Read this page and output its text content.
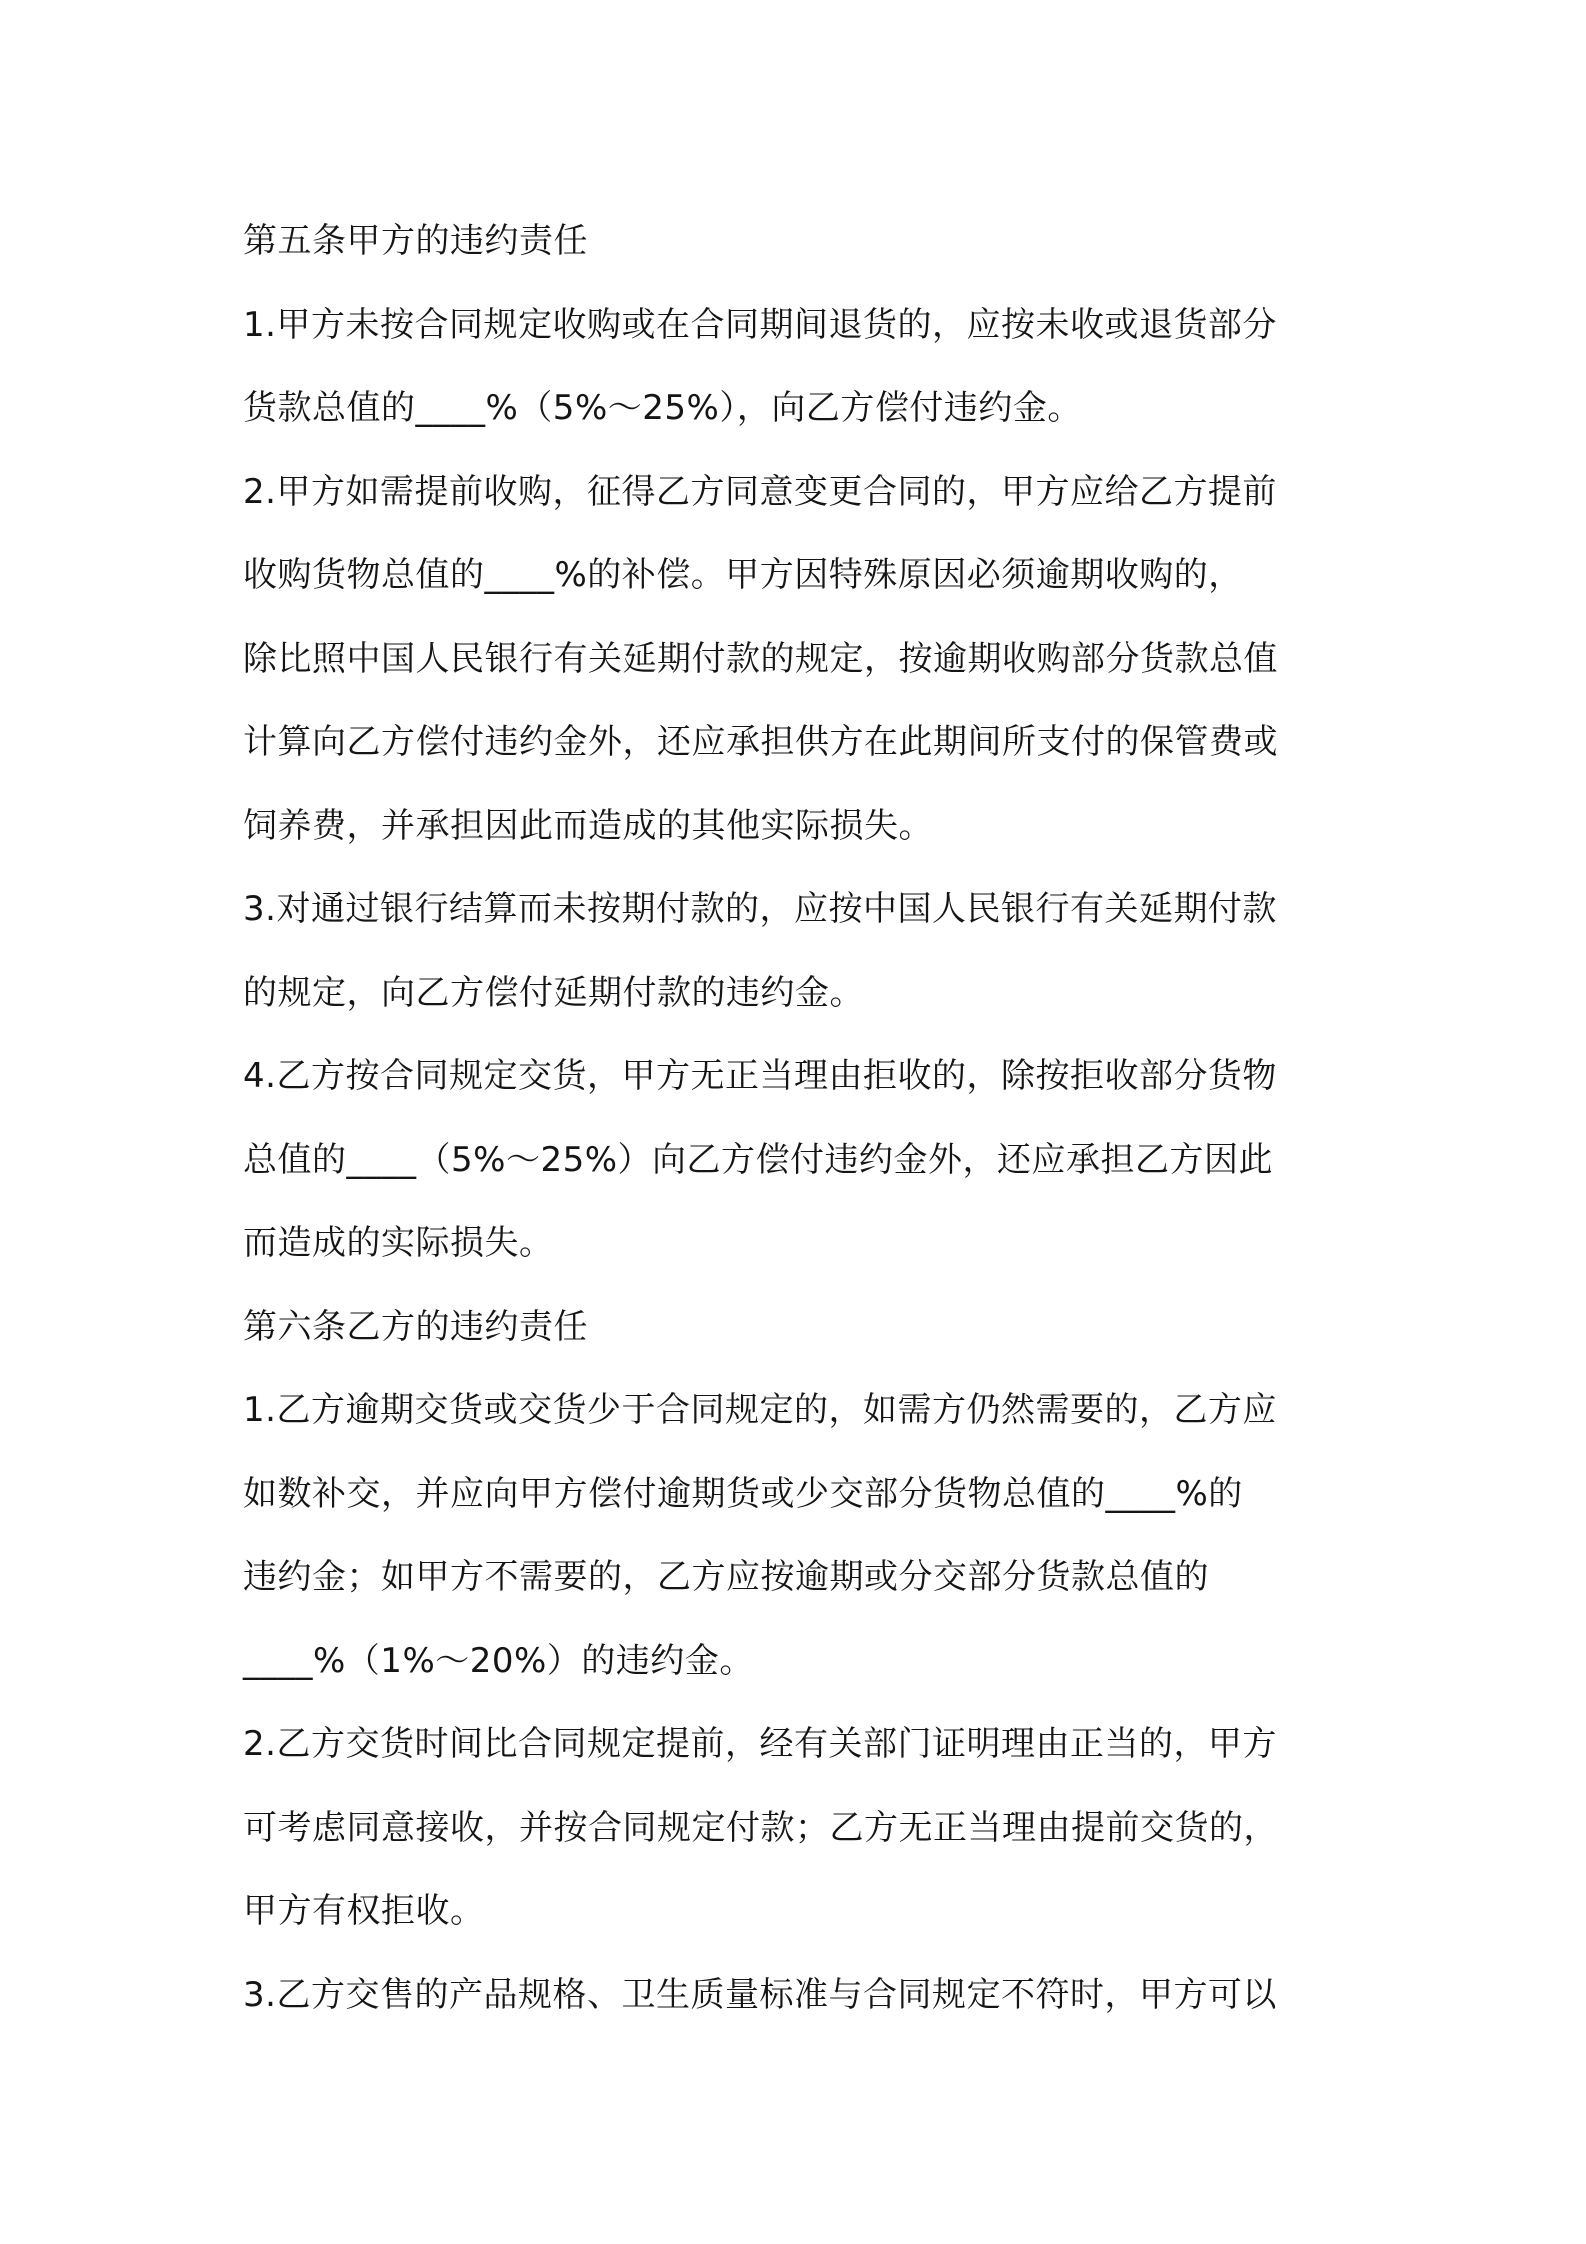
第五条甲方的违约责任

1.甲方未按合同规定收购或在合同期间退货的，应按未收或退货部分

货款总值的____%（5%～25%），向乙方偿付违约金。

2.甲方如需提前收购，征得乙方同意变更合同的，甲方应给乙方提前

收购货物总值的____%的补偿。甲方因特殊原因必须逾期收购的，

除比照中国人民银行有关延期付款的规定，按逾期收购部分货款总值

计算向乙方偿付违约金外，还应承担供方在此期间所支付的保管费或

饲养费，并承担因此而造成的其他实际损失。

3.对通过银行结算而未按期付款的，应按中国人民银行有关延期付款

的规定，向乙方偿付延期付款的违约金。

4.乙方按合同规定交货，甲方无正当理由拒收的，除按拒收部分货物

总值的____（5%～25%）向乙方偿付违约金外，还应承担乙方因此

而造成的实际损失。

第六条乙方的违约责任

1.乙方逾期交货或交货少于合同规定的，如需方仍然需要的，乙方应

如数补交，并应向甲方偿付逾期货或少交部分货物总值的____%的

违约金；如甲方不需要的，乙方应按逾期或分交部分货款总值的

____%（1%～20%）的违约金。

2.乙方交货时间比合同规定提前，经有关部门证明理由正当的，甲方

可考虑同意接收，并按合同规定付款；乙方无正当理由提前交货的，

甲方有权拒收。

3.乙方交售的产品规格、卫生质量标准与合同规定不符时，甲方可以
